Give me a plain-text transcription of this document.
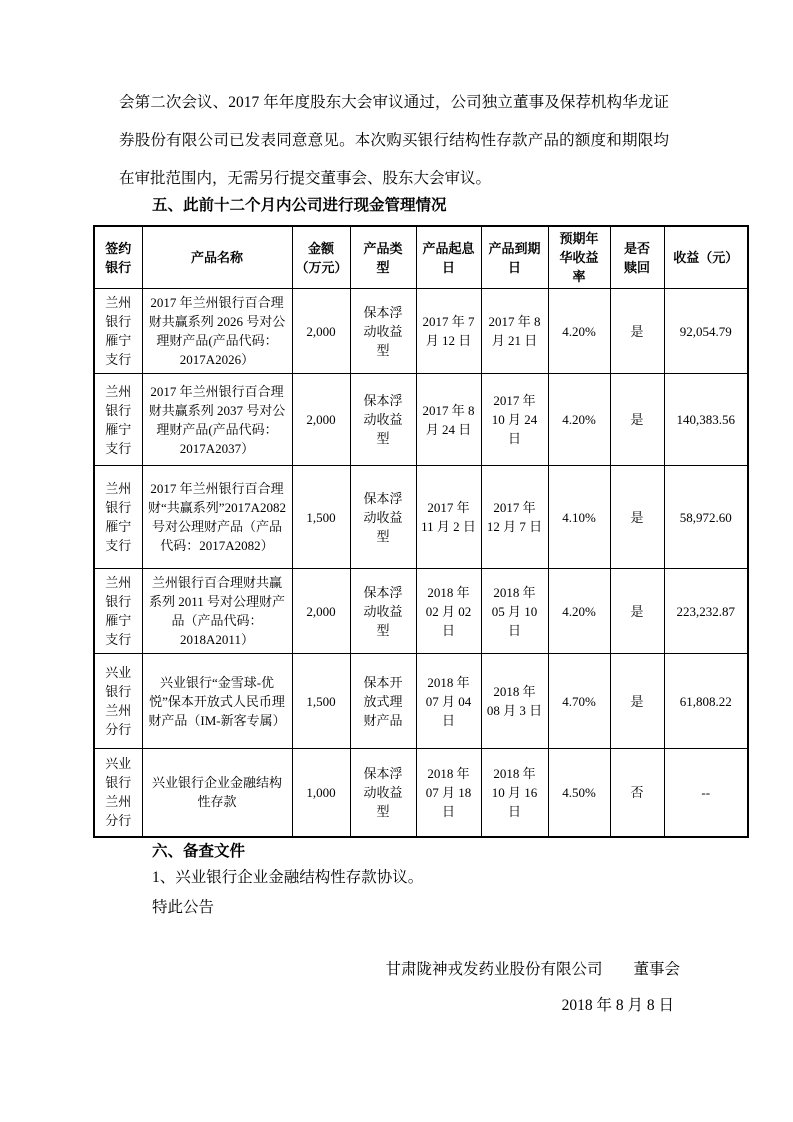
会第二次会议、2017 年年度股东大会审议通过，公司独立董事及保荐机构华龙证券股份有限公司已发表同意意见。本次购买银行结构性存款产品的额度和期限均在审批范围内，无需另行提交董事会、股东大会审议。

五、此前十二个月内公司进行现金管理情况
签约银行	产品名称	金额（万元）	产品类型	产品起息日	产品到期日	预期年华收益率	是否赎回	收益（元）
兰州银行雁宁支行	2017 年兰州银行百合理财共赢系列 2026 号对公理财产品(产品代码：2017A2026）	2,000	保本浮动收益型	2017 年 7 月 12 日	2017 年 8 月 21 日	4.20%	是	92,054.79
兰州银行雁宁支行	2017 年兰州银行百合理财共赢系列 2037 号对公理财产品(产品代码：2017A2037）	2,000	保本浮动收益型	2017 年 8 月 24 日	2017 年 10 月 24 日	4.20%	是	140,383.56
兰州银行雁宁支行	2017 年兰州银行百合理财“共赢系列”2017A2082 号对公理财产品（产品代码：2017A2082）	1,500	保本浮动收益型	2017 年 11 月 2 日	2017 年 12 月 7 日	4.10%	是	58,972.60
兰州银行雁宁支行	兰州银行百合理财共赢系列 2011 号对公理财产品（产品代码：2018A2011）	2,000	保本浮动收益型	2018 年 02 月 02 日	2018 年 05 月 10 日	4.20%	是	223,232.87
兴业银行兰州分行	兴业银行“金雪球-优悦”保本开放式人民币理财产品（IM-新客专属）	1,500	保本开放式理财产品	2018 年 07 月 04 日	2018 年 08 月 3 日	4.70%	是	61,808.22
兴业银行兰州分行	兴业银行企业金融结构性存款	1,000	保本浮动收益型	2018 年 07 月 18 日	2018 年 10 月 16 日	4.50%	否	--
六、备查文件

1、兴业银行企业金融结构性存款协议。

特此公告

甘肃陇神戎发药业股份有限公司　　董事会

2018 年 8 月 8 日
